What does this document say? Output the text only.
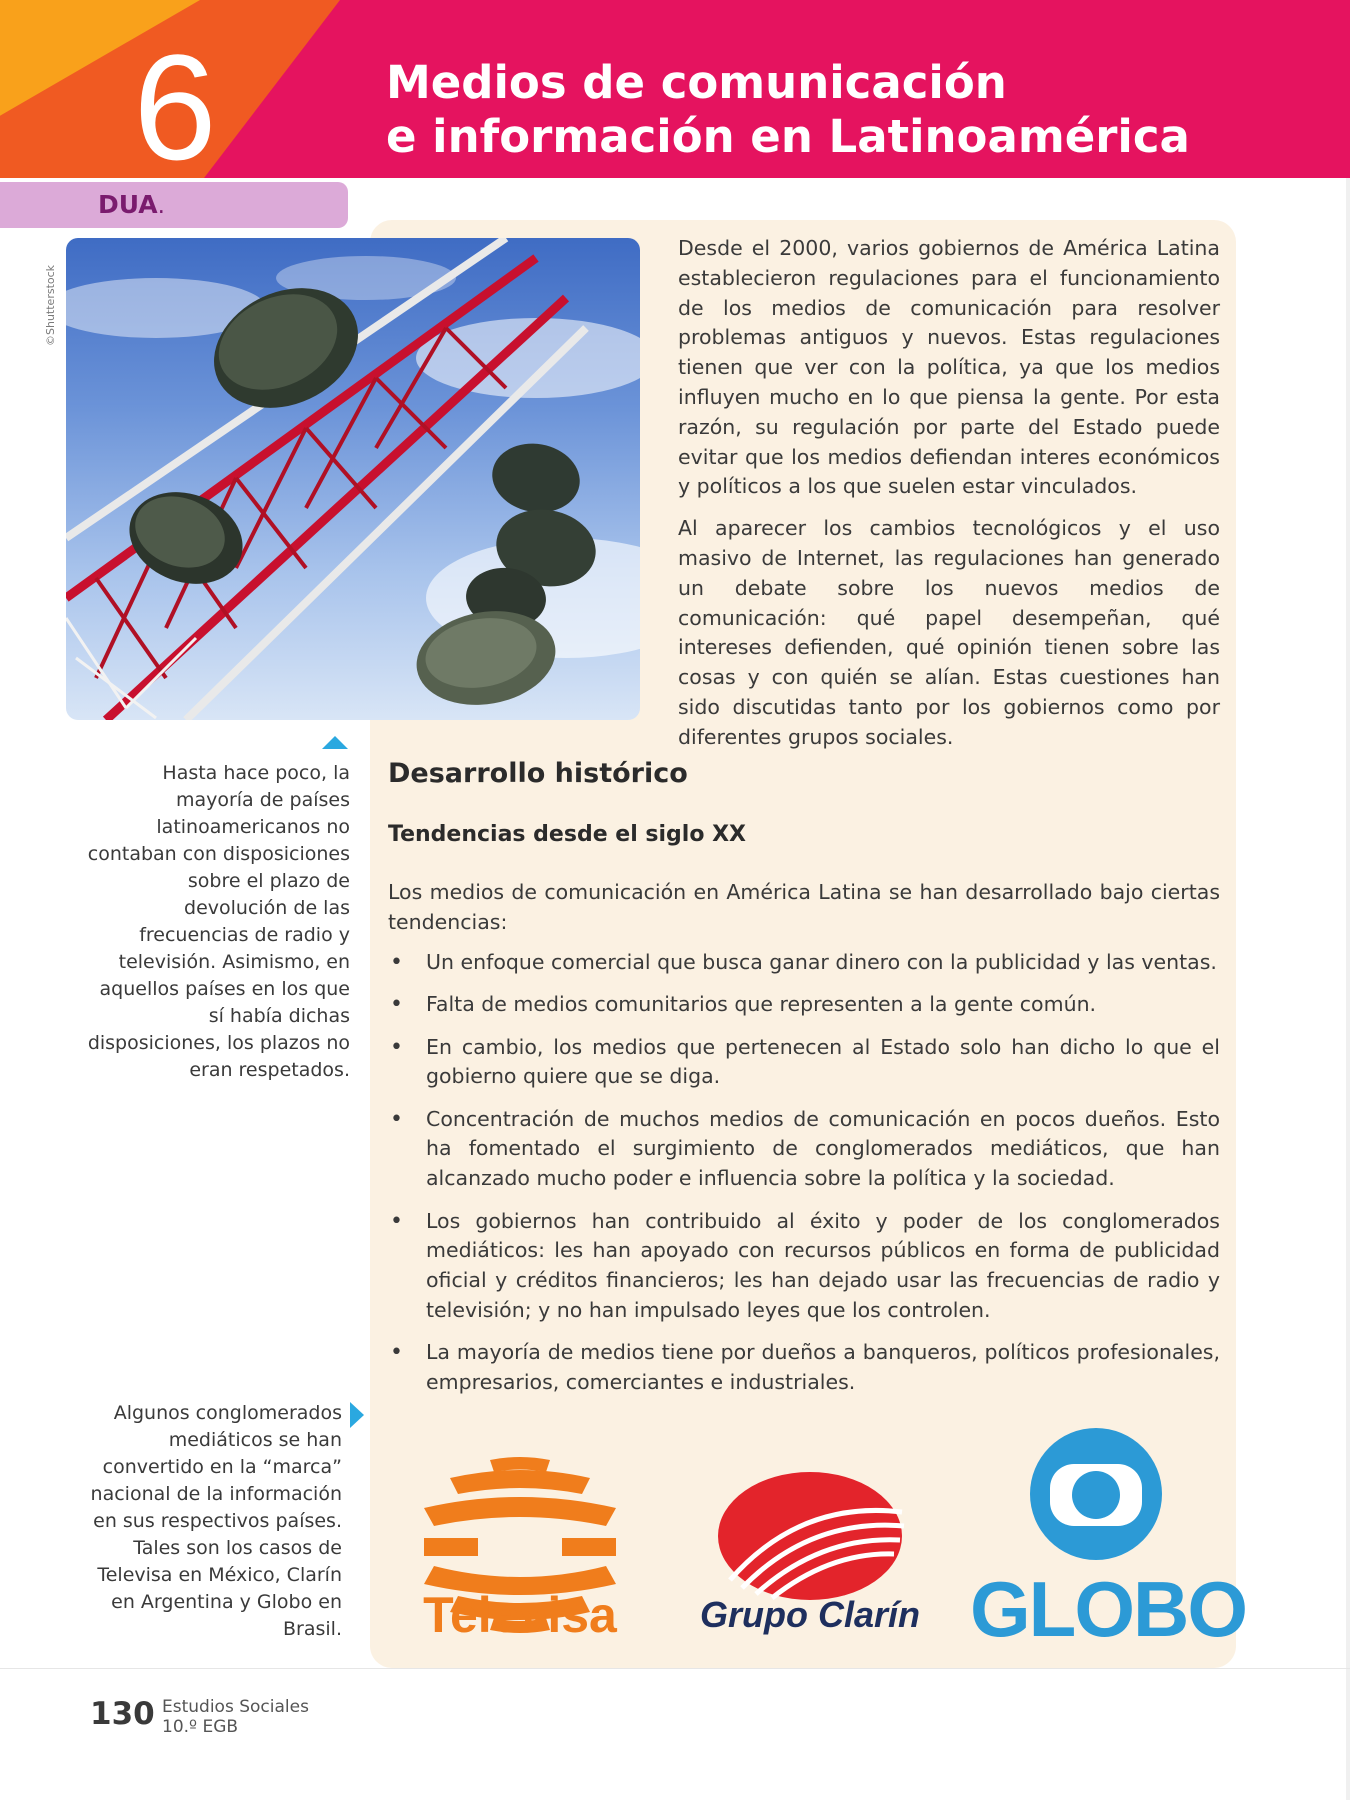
6	Medios de comunicación
e información en Latinoamérica
DUA.
©Shutterstock

Desde el 2000, varios gobiernos de América Latina establecieron regulaciones para el funcionamiento de los medios de comunicación para resolver problemas antiguos y nuevos. Estas regulaciones tienen que ver con la política, ya que los medios influyen mucho en lo que piensa la gente. Por esta razón, su regulación por parte del Estado puede evitar que los medios defiendan interes económicos y políticos a los que suelen estar vinculados.

Al aparecer los cambios tecnológicos y el uso masivo de Internet, las regulaciones han generado un debate sobre los nuevos medios de comunicación: qué papel desempeñan, qué intereses defienden, qué opinión tienen sobre las cosas y con quién se alían. Estas cuestiones han sido discutidas tanto por los gobiernos como por diferentes grupos sociales.

Hasta hace poco, la mayoría de países latinoamericanos no contaban con disposiciones sobre el plazo de devolución de las frecuencias de radio y televisión. Asimismo, en aquellos países en los que sí había dichas disposiciones, los plazos no eran respetados.

Algunos conglomerados mediáticos se han convertido en la “marca” nacional de la información en sus respectivos países. Tales son los casos de Televisa en México, Clarín en Argentina y Globo en Brasil.

Desarrollo histórico
Tendencias desde el siglo XX

Los medios de comunicación en América Latina se han desarrollado bajo ciertas tendencias:

• Un enfoque comercial que busca ganar dinero con la publicidad y las ventas.
• Falta de medios comunitarios que representen a la gente común.
• En cambio, los medios que pertenecen al Estado solo han dicho lo que el gobierno quiere que se diga.
• Concentración de muchos medios de comunicación en pocos dueños. Esto ha fomentado el surgimiento de conglomerados mediáticos, que han alcanzado mucho poder e influencia sobre la política y la sociedad.
• Los gobiernos han contribuido al éxito y poder de los conglomerados mediáticos: les han apoyado con recursos públicos en forma de publicidad oficial y créditos financieros; les han dejado usar las frecuencias de radio y televisión; y no han impulsado leyes que los controlen.
• La mayoría de medios tiene por dueños a banqueros, políticos profesionales, empresarios, comerciantes e industriales.
Televisa	Grupo Clarín GLOBO
130 Estudios Sociales
10.º EGB
